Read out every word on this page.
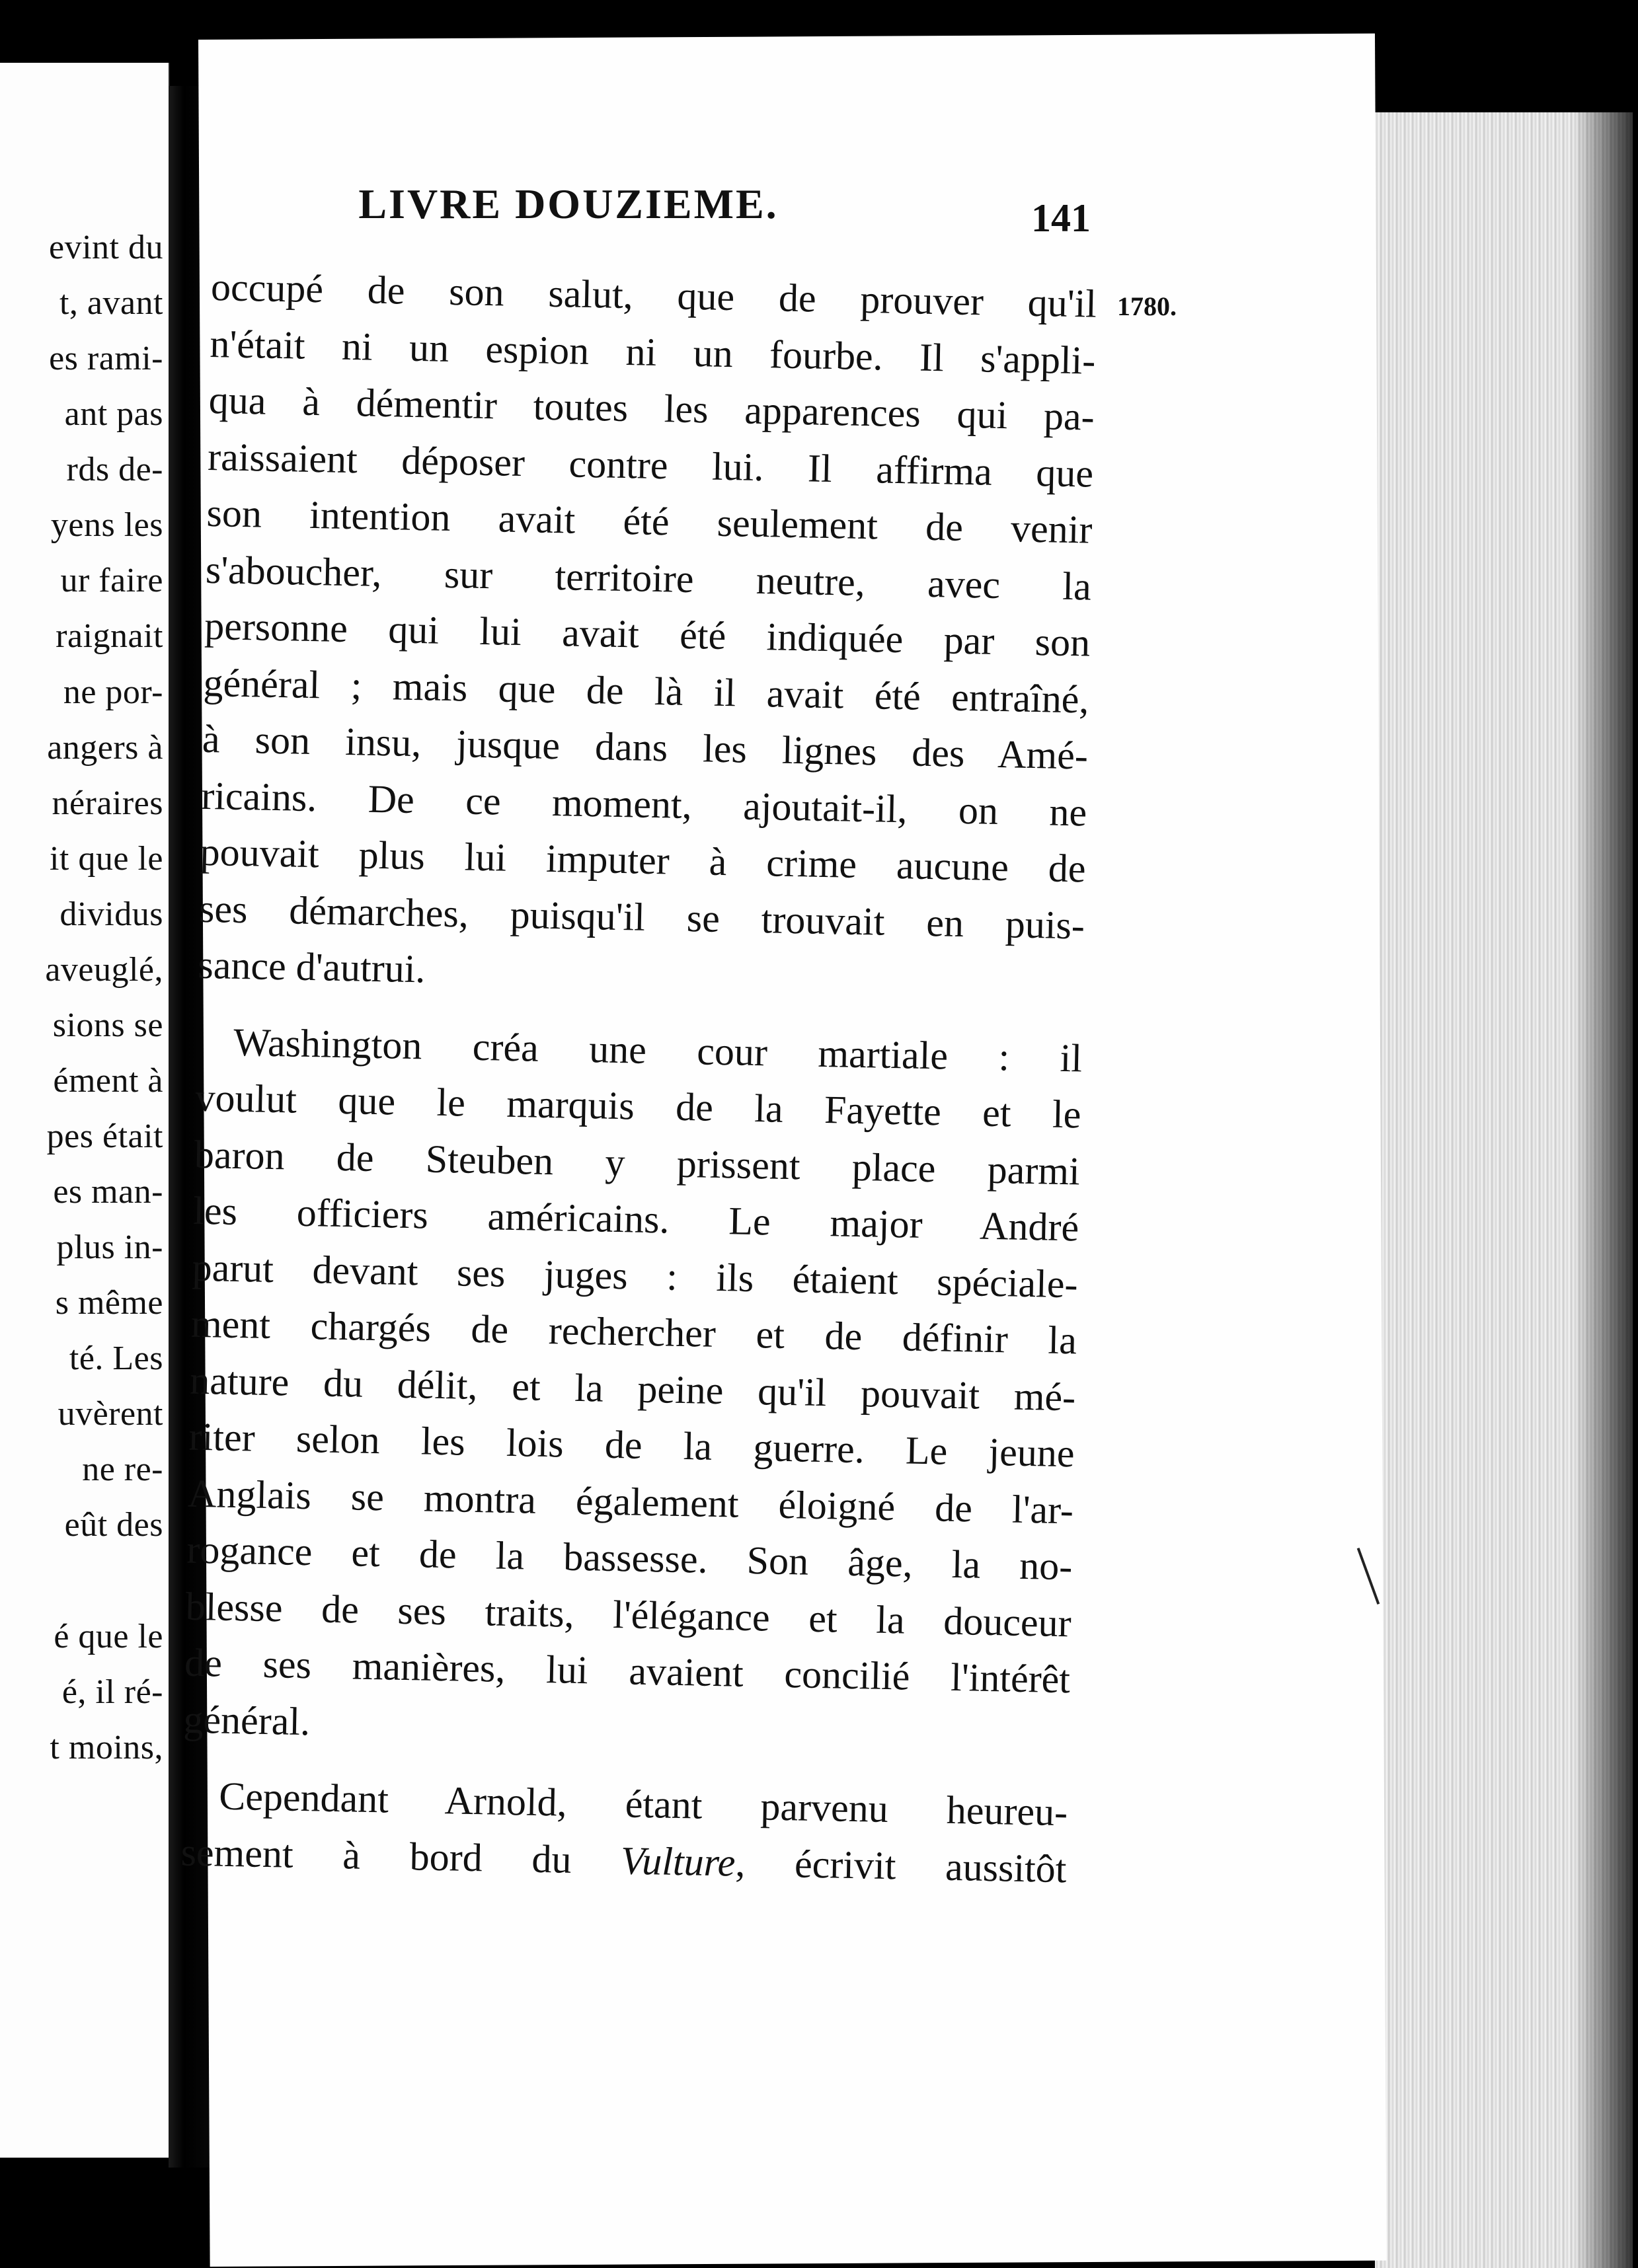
evint du
t, avant
es rami-
ant pas
rds de-
yens les
ur faire
raignait
ne por-
angers à
néraires
it que le
dividus
aveuglé,
sions se
ément à
pes était
es man-
plus in-
s même
té. Les
uvèrent
ne re-
eût des
é que le
é, il ré-
t moins,
LIVRE DOUZIEME.	141
1780.
occupé de son salut, que de prouver qu'il
n'était ni un espion ni un fourbe. Il s'appli-
qua à démentir toutes les apparences qui pa-
raissaient déposer contre lui. Il affirma que
son intention avait été seulement de venir
s'aboucher, sur territoire neutre, avec la
personne qui lui avait été indiquée par son
général ; mais que de là il avait été entraîné,
à son insu, jusque dans les lignes des Amé-
ricains. De ce moment, ajoutait-il, on ne
pouvait plus lui imputer à crime aucune de
ses démarches, puisqu'il se trouvait en puis-
sance d'autrui.
Washington créa une cour martiale : il
voulut que le marquis de la Fayette et le
baron de Steuben y prissent place parmi
les officiers américains. Le major André
parut devant ses juges : ils étaient spéciale-
ment chargés de rechercher et de définir la
nature du délit, et la peine qu'il pouvait mé-
riter selon les lois de la guerre. Le jeune
Anglais se montra également éloigné de l'ar-
rogance et de la bassesse. Son âge, la no-
blesse de ses traits, l'élégance et la douceur
de ses manières, lui avaient concilié l'intérêt
général.
Cependant Arnold, étant parvenu heureu-
sement à bord du Vulture, écrivit aussitôt
